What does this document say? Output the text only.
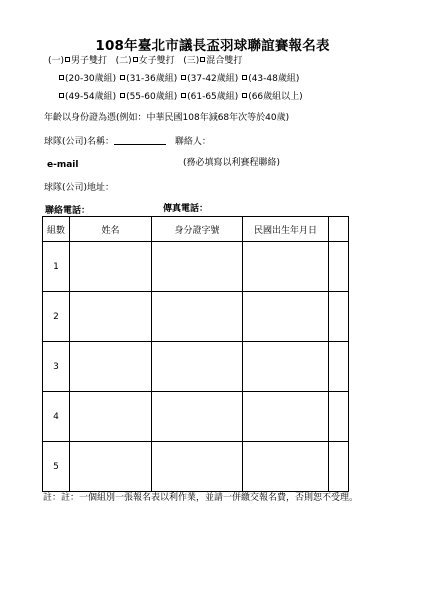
108年臺北市議長盃羽球聯誼賽報名表
(一) 男子雙打 (二) 女子雙打 (三) 混合雙打
(20-30歲組) (31-36歲組) (37-42歲組) (43-48歲組)
(49-54歲組) (55-60歲組) (61-65歲組) (66歲組以上)
年齡以身份證為憑(例如：中華民國108年減68年次等於40歲)
球隊(公司)名稱：	聯絡人：
e-mail	(務必填寫以利賽程聯絡)
球隊(公司)地址：
聯絡電話：	傳真電話：
組數	姓名	身分證字號	民國出生年月日	
1				
2				
3				
4				
5				
註：註：一個組別一張報名表以利作業，並請一併繳交報名費，否則恕不受理。
